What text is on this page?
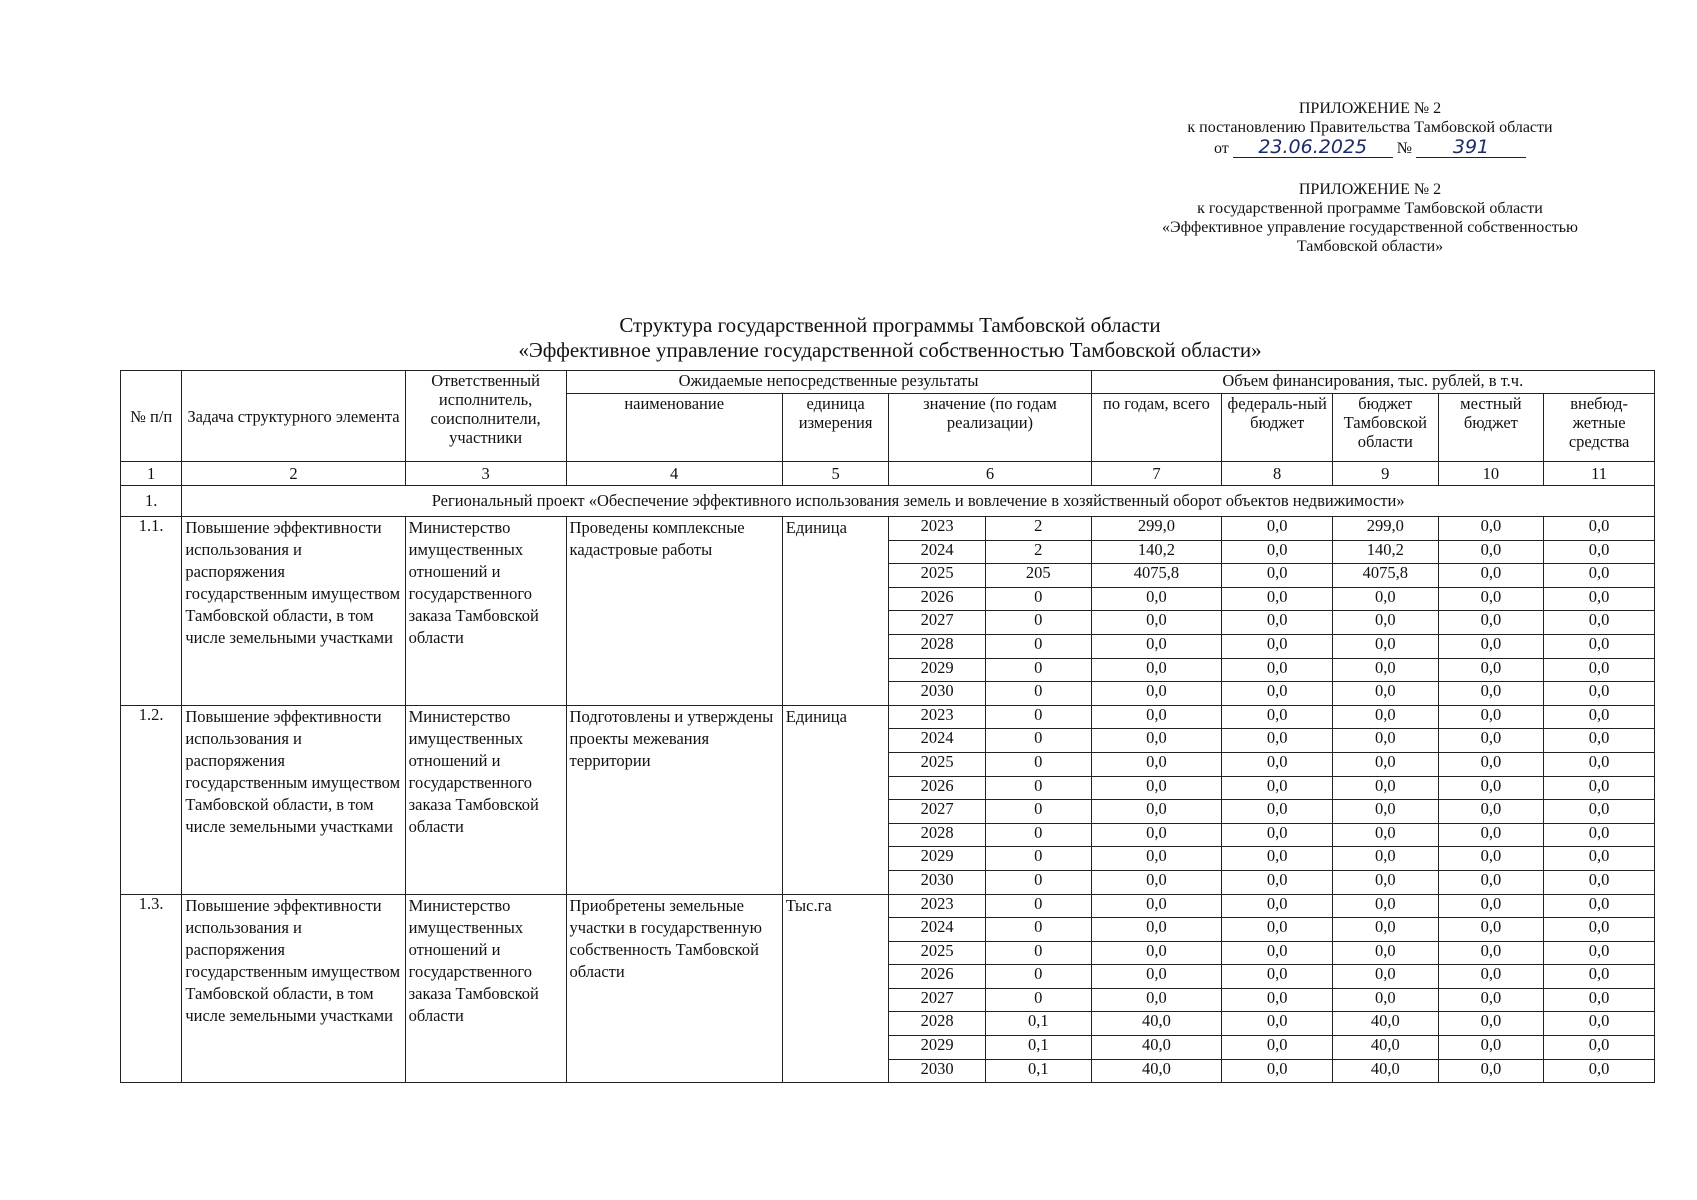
ПРИЛОЖЕНИЕ № 2
к постановлению Правительства Тамбовской области
от 23.06.2025 № 391
ПРИЛОЖЕНИЕ № 2
к государственной программе Тамбовской области
«Эффективное управление государственной собственностью
Тамбовской области»
Структура государственной программы Тамбовской области
«Эффективное управление государственной собственностью Тамбовской области»
№ п/п	Задача структурного элемента	Ответственный исполнитель, соисполнители, участники	Ожидаемые непосредственные результаты				Объем финансирования, тыс. рублей, в т.ч.				
			наименование	единица измерения	значение (по годам реализации)		по годам, всего	федераль-ный бюджет	бюджет Тамбовской области	местный бюджет	внебюд-жетные средства
1	2	3	4	5	6		7	8	9	10	11
1.	Региональный проект «Обеспечение эффективного использования земель и вовлечение в хозяйственный оборот объектов недвижимости»										
1.1.	Повышение эффективности использования и распоряжения государственным имуществом Тамбовской области, в том числе земельными участками	Министерство имущественных отношений и государственного заказа Тамбовской области	Проведены комплексные кадастровые работы	Единица	2023	2	299,0	0,0	299,0	0,0	0,0
					2024	2	140,2	0,0	140,2	0,0	0,0
					2025	205	4075,8	0,0	4075,8	0,0	0,0
					2026	0	0,0	0,0	0,0	0,0	0,0
					2027	0	0,0	0,0	0,0	0,0	0,0
					2028	0	0,0	0,0	0,0	0,0	0,0
					2029	0	0,0	0,0	0,0	0,0	0,0
					2030	0	0,0	0,0	0,0	0,0	0,0
1.2.	Повышение эффективности использования и распоряжения государственным имуществом Тамбовской области, в том числе земельными участками	Министерство имущественных отношений и государственного заказа Тамбовской области	Подготовлены и утверждены проекты межевания территории	Единица	2023	0	0,0	0,0	0,0	0,0	0,0
					2024	0	0,0	0,0	0,0	0,0	0,0
					2025	0	0,0	0,0	0,0	0,0	0,0
					2026	0	0,0	0,0	0,0	0,0	0,0
					2027	0	0,0	0,0	0,0	0,0	0,0
					2028	0	0,0	0,0	0,0	0,0	0,0
					2029	0	0,0	0,0	0,0	0,0	0,0
					2030	0	0,0	0,0	0,0	0,0	0,0
1.3.	Повышение эффективности использования и распоряжения государственным имуществом Тамбовской области, в том числе земельными участками	Министерство имущественных отношений и государственного заказа Тамбовской области	Приобретены земельные участки в государственную собственность Тамбовской области	Тыс.га	2023	0	0,0	0,0	0,0	0,0	0,0
					2024	0	0,0	0,0	0,0	0,0	0,0
					2025	0	0,0	0,0	0,0	0,0	0,0
					2026	0	0,0	0,0	0,0	0,0	0,0
					2027	0	0,0	0,0	0,0	0,0	0,0
					2028	0,1	40,0	0,0	40,0	0,0	0,0
					2029	0,1	40,0	0,0	40,0	0,0	0,0
					2030	0,1	40,0	0,0	40,0	0,0	0,0
